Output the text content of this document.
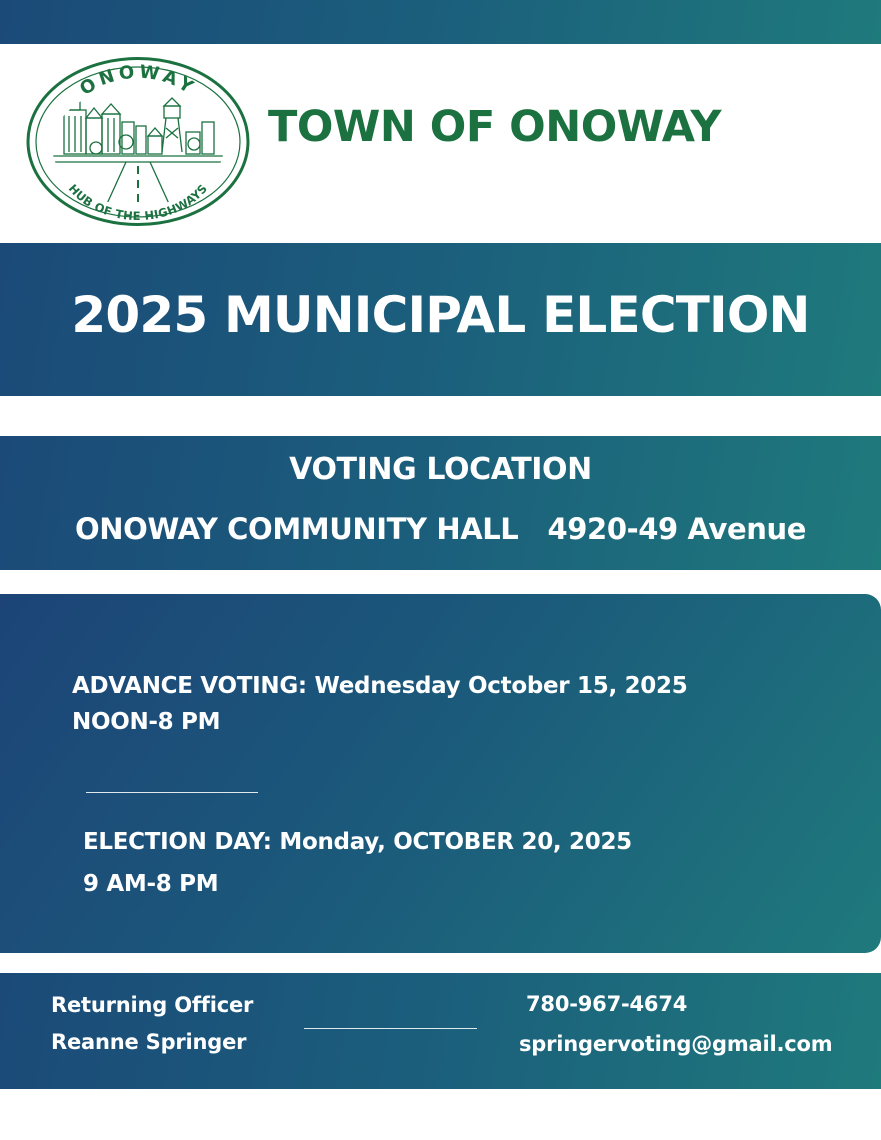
ONOWAY
HUB OF THE HIGHWAYS
TOWN OF ONOWAY
2025 MUNICIPAL ELECTION
VOTING LOCATION
ONOWAY COMMUNITY HALL   4920-49 Avenue
ADVANCE VOTING: Wednesday October 15, 2025
NOON-8 PM
ELECTION DAY: Monday, OCTOBER 20, 2025
9 AM-8 PM
Returning Officer
Reanne Springer
780-967-4674
springervoting@gmail.com
